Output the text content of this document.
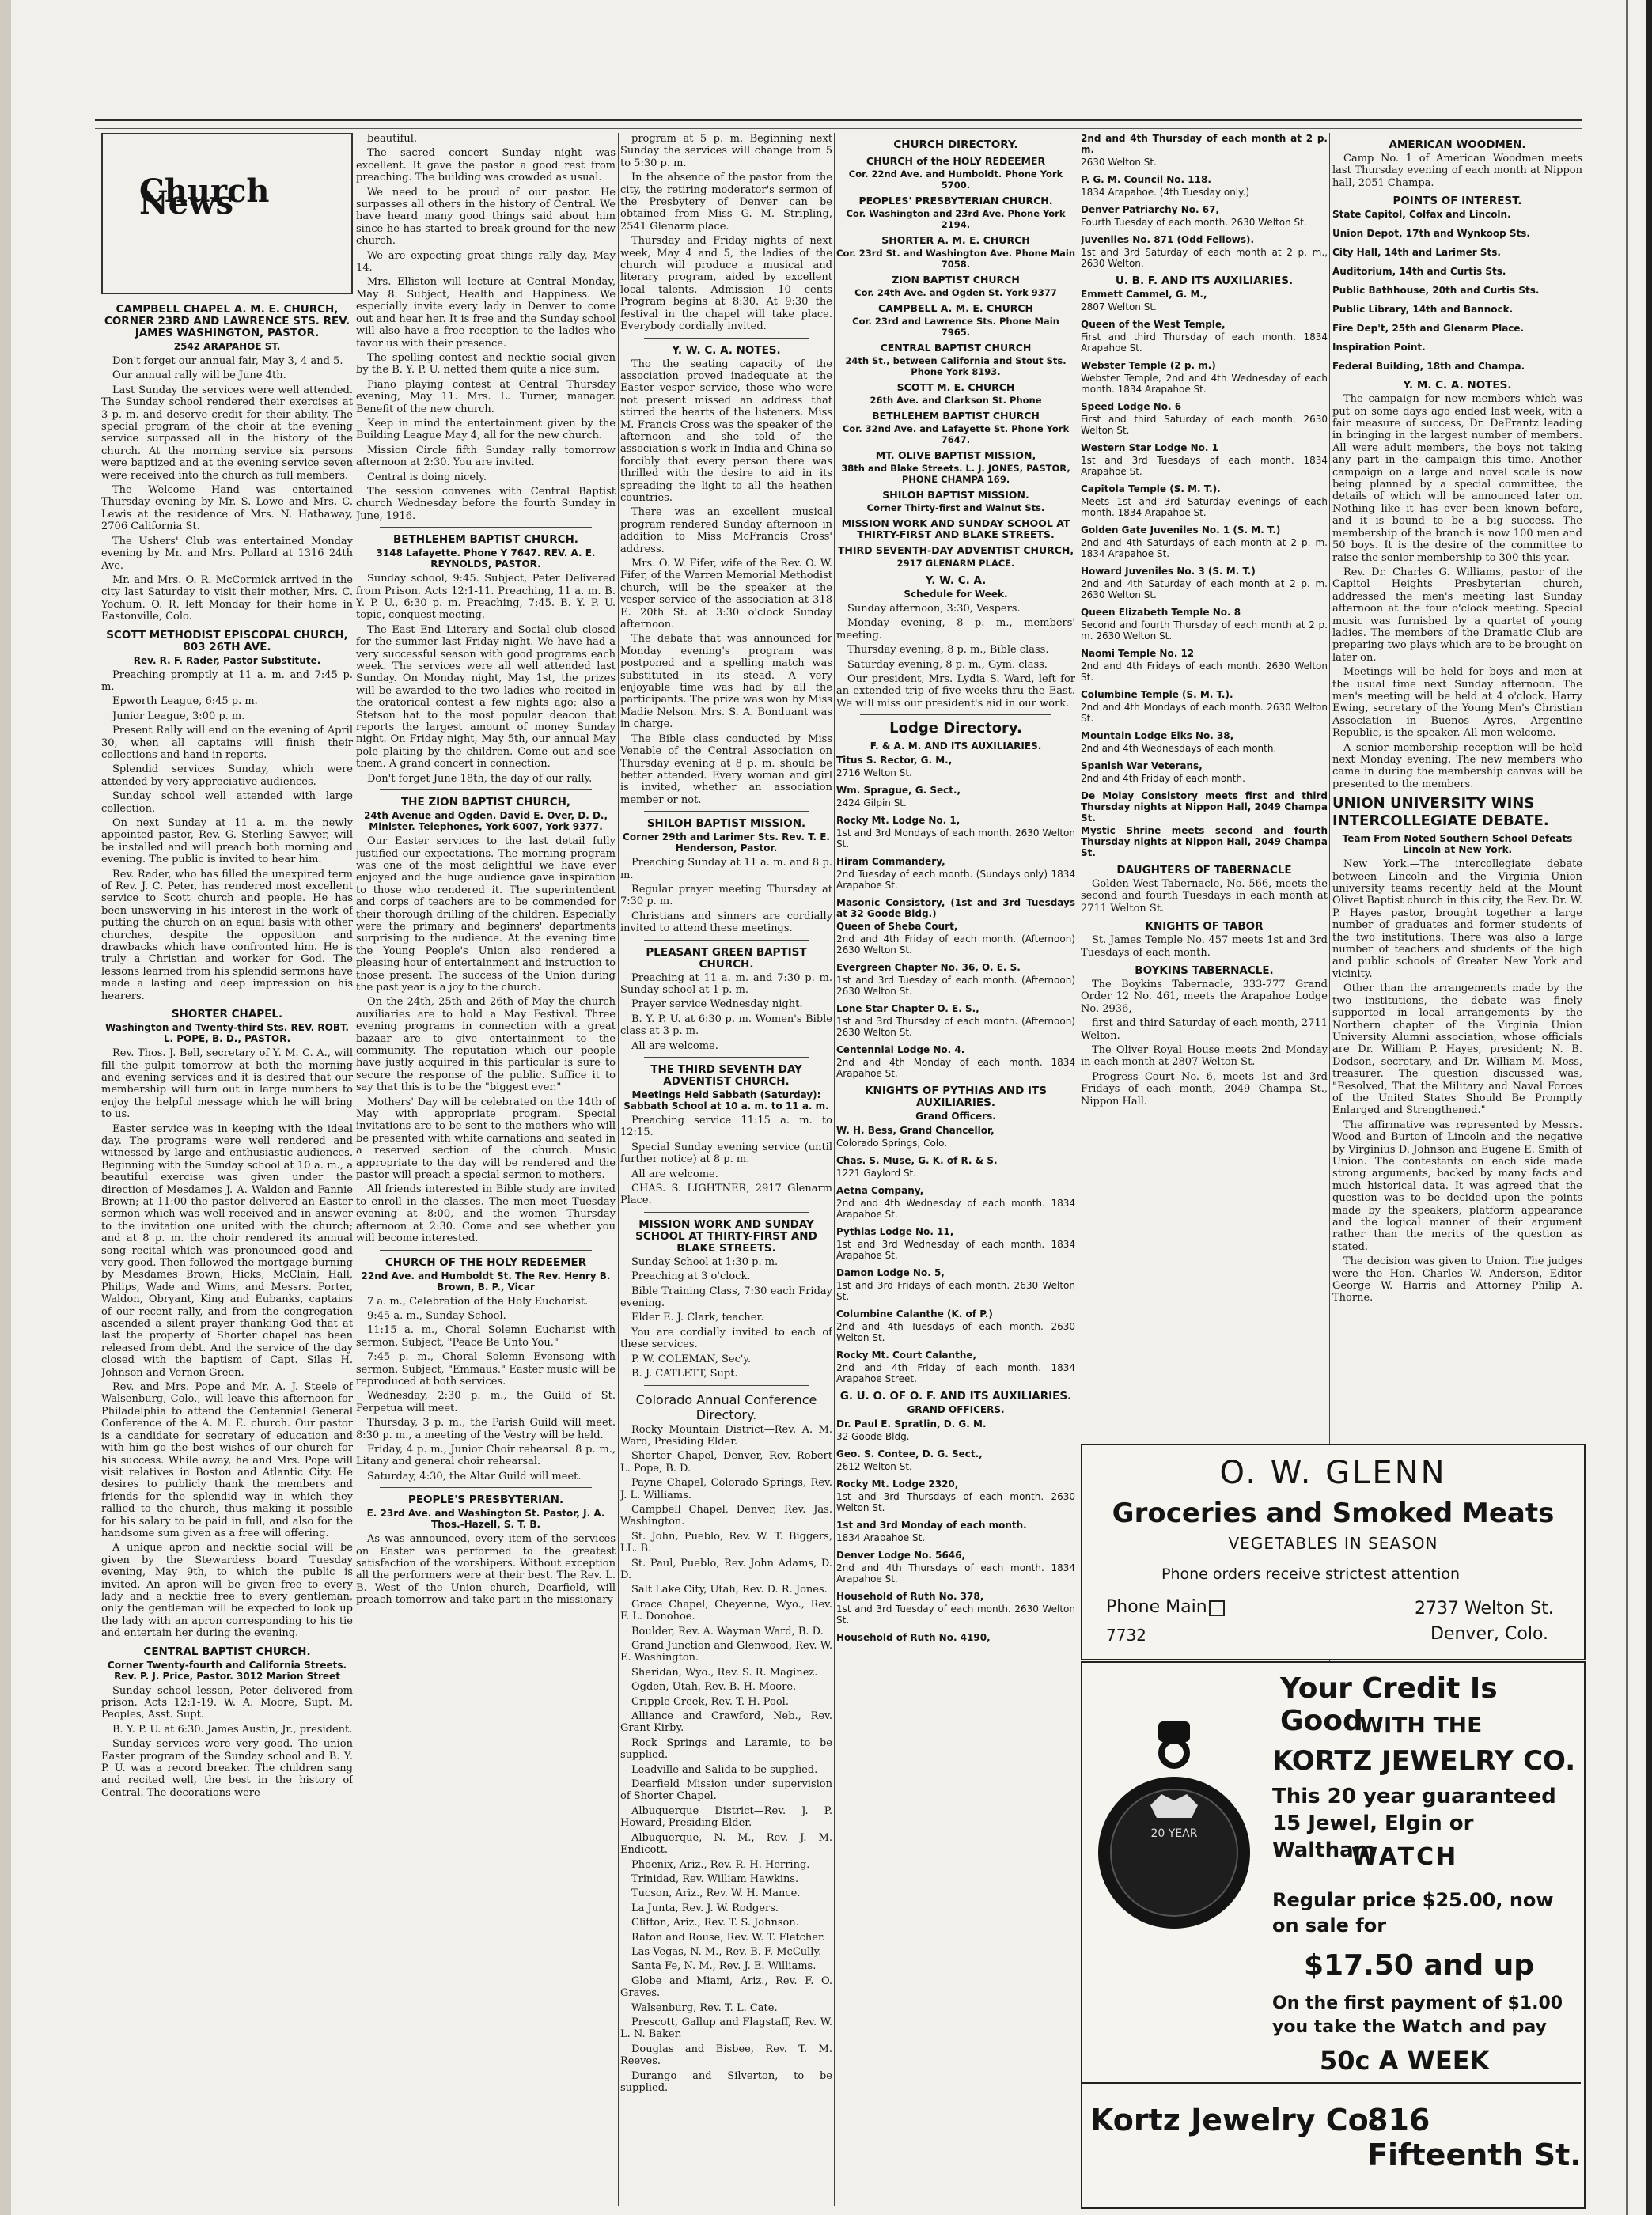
Church News
CAMPBELL CHAPEL A. M. E. CHURCH, CORNER 23RD AND LAWRENCE STS. REV. JAMES WASHINGTON, PASTOR.
2542 ARAPAHOE ST.

Don't forget our annual fair, May 3, 4 and 5.

Our annual rally will be June 4th.

Last Sunday the services were well attended. The Sunday school rendered their exercises at 3 p. m. and deserve credit for their ability. The special program of the choir at the evening service surpassed all in the history of the church. At the morning service six persons were baptized and at the evening service seven were received into the church as full members.

The Welcome Hand was entertained Thursday evening by Mr. S. Lowe and Mrs. C. Lewis at the residence of Mrs. N. Hathaway, 2706 California St.

The Ushers' Club was entertained Monday evening by Mr. and Mrs. Pollard at 1316 24th Ave.

Mr. and Mrs. O. R. McCormick arrived in the city last Saturday to visit their mother, Mrs. C. Yochum. O. R. left Monday for their home in Eastonville, Colo.

SCOTT METHODIST EPISCOPAL CHURCH, 803 26TH AVE.
Rev. R. F. Rader, Pastor Substitute.

Preaching promptly at 11 a. m. and 7:45 p. m.

Epworth League, 6:45 p. m.

Junior League, 3:00 p. m.

Present Rally will end on the evening of April 30, when all captains will finish their collections and hand in reports.

Splendid services Sunday, which were attended by very appreciative audiences.

Sunday school well attended with large collection.

On next Sunday at 11 a. m. the newly appointed pastor, Rev. G. Sterling Sawyer, will be installed and will preach both morning and evening. The public is invited to hear him.

Rev. Rader, who has filled the unexpired term of Rev. J. C. Peter, has rendered most excellent service to Scott church and people. He has been unswerving in his interest in the work of putting the church on an equal basis with other churches, despite the opposition and drawbacks which have confronted him. He is truly a Christian and worker for God. The lessons learned from his splendid sermons have made a lasting and deep impression on his hearers.

SHORTER CHAPEL.
Washington and Twenty-third Sts. REV. ROBT. L. POPE, B. D., PASTOR.

Rev. Thos. J. Bell, secretary of Y. M. C. A., will fill the pulpit tomorrow at both the morning and evening services and it is desired that our membership will turn out in large numbers to enjoy the helpful message which he will bring to us.

Easter service was in keeping with the ideal day. The programs were well rendered and witnessed by large and enthusiastic audiences. Beginning with the Sunday school at 10 a. m., a beautiful exercise was given under the direction of Mesdames J. A. Waldon and Fannie Brown; at 11:00 the pastor delivered an Easter sermon which was well received and in answer to the invitation one united with the church; and at 8 p. m. the choir rendered its annual song recital which was pronounced good and very good. Then followed the mortgage burning by Mesdames Brown, Hicks, McClain, Hall, Philips, Wade and Wims, and Messrs. Porter, Waldon, Obryant, King and Eubanks, captains of our recent rally, and from the congregation ascended a silent prayer thanking God that at last the property of Shorter chapel has been released from debt. And the service of the day closed with the baptism of Capt. Silas H. Johnson and Vernon Green.

Rev. and Mrs. Pope and Mr. A. J. Steele of Walsenburg, Colo., will leave this afternoon for Philadelphia to attend the Centennial General Conference of the A. M. E. church. Our pastor is a candidate for secretary of education and with him go the best wishes of our church for his success. While away, he and Mrs. Pope will visit relatives in Boston and Atlantic City. He desires to publicly thank the members and friends for the splendid way in which they rallied to the church, thus making it possible for his salary to be paid in full, and also for the handsome sum given as a free will offering.

A unique apron and necktie social will be given by the Stewardess board Tuesday evening, May 9th, to which the public is invited. An apron will be given free to every lady and a necktie free to every gentleman, only the gentleman will be expected to look up the lady with an apron corresponding to his tie and entertain her during the evening.

CENTRAL BAPTIST CHURCH.
Corner Twenty-fourth and California Streets. Rev. P. J. Price, Pastor. 3012 Marion Street

Sunday school lesson, Peter delivered from prison. Acts 12:1-19. W. A. Moore, Supt. M. Peoples, Asst. Supt.

B. Y. P. U. at 6:30. James Austin, Jr., president.

Sunday services were very good. The union Easter program of the Sunday school and B. Y. P. U. was a record breaker. The children sang and recited well, the best in the history of Central. The decorations were

beautiful.

The sacred concert Sunday night was excellent. It gave the pastor a good rest from preaching. The building was crowded as usual.

We need to be proud of our pastor. He surpasses all others in the history of Central. We have heard many good things said about him since he has started to break ground for the new church.

We are expecting great things rally day, May 14.

Mrs. Elliston will lecture at Central Monday, May 8. Subject, Health and Happiness. We especially invite every lady in Denver to come out and hear her. It is free and the Sunday school will also have a free reception to the ladies who favor us with their presence.

The spelling contest and necktie social given by the B. Y. P. U. netted them quite a nice sum.

Piano playing contest at Central Thursday evening, May 11. Mrs. L. Turner, manager. Benefit of the new church.

Keep in mind the entertainment given by the Building League May 4, all for the new church.

Mission Circle fifth Sunday rally tomorrow afternoon at 2:30. You are invited.

Central is doing nicely.

The session convenes with Central Baptist church Wednesday before the fourth Sunday in June, 1916.

BETHLEHEM BAPTIST CHURCH.
3148 Lafayette. Phone Y 7647. REV. A. E. REYNOLDS, PASTOR.

Sunday school, 9:45. Subject, Peter Delivered from Prison. Acts 12:1-11. Preaching, 11 a. m. B. Y. P. U., 6:30 p. m. Preaching, 7:45. B. Y. P. U. topic, conquest meeting.

The East End Literary and Social club closed for the summer last Friday night. We have had a very successful season with good programs each week. The services were all well attended last Sunday. On Monday night, May 1st, the prizes will be awarded to the two ladies who recited in the oratorical contest a few nights ago; also a Stetson hat to the most popular deacon that reports the largest amount of money Sunday night. On Friday night, May 5th, our annual May pole plaiting by the children. Come out and see them. A grand concert in connection.

Don't forget June 18th, the day of our rally.

THE ZION BAPTIST CHURCH,
24th Avenue and Ogden. David E. Over, D. D., Minister. Telephones, York 6007, York 9377.

Our Easter services to the last detail fully justified our expectations. The morning program was one of the most delightful we have ever enjoyed and the huge audience gave inspiration to those who rendered it. The superintendent and corps of teachers are to be commended for their thorough drilling of the children. Especially were the primary and beginners' departments surprising to the audience. At the evening time the Young People's Union also rendered a pleasing hour of entertainment and instruction to those present. The success of the Union during the past year is a joy to the church.

On the 24th, 25th and 26th of May the church auxiliaries are to hold a May Festival. Three evening programs in connection with a great bazaar are to give entertainment to the community. The reputation which our people have justly acquired in this particular is sure to secure the response of the public. Suffice it to say that this is to be the "biggest ever."

Mothers' Day will be celebrated on the 14th of May with appropriate program. Special invitations are to be sent to the mothers who will be presented with white carnations and seated in a reserved section of the church. Music appropriate to the day will be rendered and the pastor will preach a special sermon to mothers.

All friends interested in Bible study are invited to enroll in the classes. The men meet Tuesday evening at 8:00, and the women Thursday afternoon at 2:30. Come and see whether you will become interested.

CHURCH OF THE HOLY REDEEMER
22nd Ave. and Humboldt St. The Rev. Henry B. Brown, B. P., Vicar

7 a. m., Celebration of the Holy Eucharist.

9:45 a. m., Sunday School.

11:15 a. m., Choral Solemn Eucharist with sermon. Subject, "Peace Be Unto You."

7:45 p. m., Choral Solemn Evensong with sermon. Subject, "Emmaus." Easter music will be reproduced at both services.

Wednesday, 2:30 p. m., the Guild of St. Perpetua will meet.

Thursday, 3 p. m., the Parish Guild will meet. 8:30 p. m., a meeting of the Vestry will be held.

Friday, 4 p. m., Junior Choir rehearsal. 8 p. m., Litany and general choir rehearsal.

Saturday, 4:30, the Altar Guild will meet.

PEOPLE'S PRESBYTERIAN.
E. 23rd Ave. and Washington St. Pastor, J. A. Thos.-Hazell, S. T. B.

As was announced, every item of the services on Easter was performed to the greatest satisfaction of the worshipers. Without exception all the performers were at their best. The Rev. L. B. West of the Union church, Dearfield, will preach tomorrow and take part in the missionary

program at 5 p. m. Beginning next Sunday the services will change from 5 to 5:30 p. m.

In the absence of the pastor from the city, the retiring moderator's sermon of the Presbytery of Denver can be obtained from Miss G. M. Stripling, 2541 Glenarm place.

Thursday and Friday nights of next week, May 4 and 5, the ladies of the church will produce a musical and literary program, aided by excellent local talents. Admission 10 cents Program begins at 8:30. At 9:30 the festival in the chapel will take place. Everybody cordially invited.

Y. W. C. A. NOTES.

Tho the seating capacity of the association proved inadequate at the Easter vesper service, those who were not present missed an address that stirred the hearts of the listeners. Miss M. Francis Cross was the speaker of the afternoon and she told of the association's work in India and China so forcibly that every person there was thrilled with the desire to aid in its spreading the light to all the heathen countries.

There was an excellent musical program rendered Sunday afternoon in addition to Miss McFrancis Cross' address.

Mrs. O. W. Fifer, wife of the Rev. O. W. Fifer, of the Warren Memorial Methodist church, will be the speaker at the vesper service of the association at 318 E. 20th St. at 3:30 o'clock Sunday afternoon.

The debate that was announced for Monday evening's program was postponed and a spelling match was substituted in its stead. A very enjoyable time was had by all the participants. The prize was won by Miss Madie Nelson. Mrs. S. A. Bonduant was in charge.

The Bible class conducted by Miss Venable of the Central Association on Thursday evening at 8 p. m. should be better attended. Every woman and girl is invited, whether an association member or not.

SHILOH BAPTIST MISSION.
Corner 29th and Larimer Sts. Rev. T. E. Henderson, Pastor.

Preaching Sunday at 11 a. m. and 8 p. m.

Regular prayer meeting Thursday at 7:30 p. m.

Christians and sinners are cordially invited to attend these meetings.

PLEASANT GREEN BAPTIST CHURCH.

Preaching at 11 a. m. and 7:30 p. m. Sunday school at 1 p. m.

Prayer service Wednesday night.

B. Y. P. U. at 6:30 p. m. Women's Bible class at 3 p. m.

All are welcome.

THE THIRD SEVENTH DAY ADVENTIST CHURCH.
Meetings Held Sabbath (Saturday): Sabbath School at 10 a. m. to 11 a. m.

Preaching service 11:15 a. m. to 12:15.

Special Sunday evening service (until further notice) at 8 p. m.

All are welcome.

CHAS. S. LIGHTNER, 2917 Glenarm Place.

MISSION WORK AND SUNDAY SCHOOL AT THIRTY-FIRST AND BLAKE STREETS.

Sunday School at 1:30 p. m.

Preaching at 3 o'clock.

Bible Training Class, 7:30 each Friday evening.

Elder E. J. Clark, teacher.

You are cordially invited to each of these services.

P. W. COLEMAN, Sec'y.

B. J. CATLETT, Supt.

Colorado Annual Conference Directory.

Rocky Mountain District—Rev. A. M. Ward, Presiding Elder.

Shorter Chapel, Denver, Rev. Robert L. Pope, B. D.

Payne Chapel, Colorado Springs, Rev. J. L. Williams.

Campbell Chapel, Denver, Rev. Jas. Washington.

St. John, Pueblo, Rev. W. T. Biggers, LL. B.

St. Paul, Pueblo, Rev. John Adams, D. D.

Salt Lake City, Utah, Rev. D. R. Jones.

Grace Chapel, Cheyenne, Wyo., Rev. F. L. Donohoe.

Boulder, Rev. A. Wayman Ward, B. D.

Grand Junction and Glenwood, Rev. W. E. Washington.

Sheridan, Wyo., Rev. S. R. Maginez.

Ogden, Utah, Rev. B. H. Moore.

Cripple Creek, Rev. T. H. Pool.

Alliance and Crawford, Neb., Rev. Grant Kirby.

Rock Springs and Laramie, to be supplied.

Leadville and Salida to be supplied.

Dearfield Mission under supervision of Shorter Chapel.

Albuquerque District—Rev. J. P. Howard, Presiding Elder.

Albuquerque, N. M., Rev. J. M. Endicott.

Phoenix, Ariz., Rev. R. H. Herring.

Trinidad, Rev. William Hawkins.

Tucson, Ariz., Rev. W. H. Mance.

La Junta, Rev. J. W. Rodgers.

Clifton, Ariz., Rev. T. S. Johnson.

Raton and Rouse, Rev. W. T. Fletcher.

Las Vegas, N. M., Rev. B. F. McCully.

Santa Fe, N. M., Rev. J. E. Williams.

Globe and Miami, Ariz., Rev. F. O. Graves.

Walsenburg, Rev. T. L. Cate.

Prescott, Gallup and Flagstaff, Rev. W. L. N. Baker.

Douglas and Bisbee, Rev. T. M. Reeves.

Durango and Silverton, to be supplied.

CHURCH DIRECTORY.
CHURCH of the HOLY REDEEMER
Cor. 22nd Ave. and Humboldt. Phone York 5700.
PEOPLES' PRESBYTERIAN CHURCH.
Cor. Washington and 23rd Ave. Phone York 2194.
SHORTER A. M. E. CHURCH
Cor. 23rd St. and Washington Ave. Phone Main 7058.
ZION BAPTIST CHURCH
Cor. 24th Ave. and Ogden St. York 9377
CAMPBELL A. M. E. CHURCH
Cor. 23rd and Lawrence Sts. Phone Main 7965.
CENTRAL BAPTIST CHURCH
24th St., between California and Stout Sts. Phone York 8193.
SCOTT M. E. CHURCH
26th Ave. and Clarkson St. Phone
BETHLEHEM BAPTIST CHURCH
Cor. 32nd Ave. and Lafayette St. Phone York 7647.
MT. OLIVE BAPTIST MISSION,
38th and Blake Streets. L. J. JONES, PASTOR, PHONE CHAMPA 169.
SHILOH BAPTIST MISSION.
Corner Thirty-first and Walnut Sts.
MISSION WORK AND SUNDAY SCHOOL AT THIRTY-FIRST AND BLAKE STREETS.
THIRD SEVENTH-DAY ADVENTIST CHURCH,
2917 GLENARM PLACE.
Y. W. C. A.
Schedule for Week.

Sunday afternoon, 3:30, Vespers.

Monday evening, 8 p. m., members' meeting.

Thursday evening, 8 p. m., Bible class.

Saturday evening, 8 p. m., Gym. class.

Our president, Mrs. Lydia S. Ward, left for an extended trip of five weeks thru the East. We will miss our president's aid in our work.

Lodge Directory.
F. & A. M. AND ITS AUXILIARIES.
Titus S. Rector, G. M.,
2716 Welton St.
Wm. Sprague, G. Sect.,
2424 Gilpin St.
Rocky Mt. Lodge No. 1,
1st and 3rd Mondays of each month. 2630 Welton St.
Hiram Commandery,
2nd Tuesday of each month. (Sundays only) 1834 Arapahoe St.
Masonic Consistory, (1st and 3rd Tuesdays at 32 Goode Bldg.)
Queen of Sheba Court,
2nd and 4th Friday of each month. (Afternoon) 2630 Welton St.
Evergreen Chapter No. 36, O. E. S.
1st and 3rd Tuesday of each month. (Afternoon) 2630 Welton St.
Lone Star Chapter O. E. S.,
1st and 3rd Thursday of each month. (Afternoon) 2630 Welton St.
Centennial Lodge No. 4.
2nd and 4th Monday of each month. 1834 Arapahoe St.
KNIGHTS OF PYTHIAS AND ITS AUXILIARIES.
Grand Officers.
W. H. Bess, Grand Chancellor,
Colorado Springs, Colo.
Chas. S. Muse, G. K. of R. & S.
1221 Gaylord St.
Aetna Company,
2nd and 4th Wednesday of each month. 1834 Arapahoe St.
Pythias Lodge No. 11,
1st and 3rd Wednesday of each month. 1834 Arapahoe St.
Damon Lodge No. 5,
1st and 3rd Fridays of each month. 2630 Welton St.
Columbine Calanthe (K. of P.)
2nd and 4th Tuesdays of each month. 2630 Welton St.
Rocky Mt. Court Calanthe,
2nd and 4th Friday of each month. 1834 Arapahoe Street.
G. U. O. OF O. F. AND ITS AUXILIARIES.
GRAND OFFICERS.
Dr. Paul E. Spratlin, D. G. M.
32 Goode Bldg.
Geo. S. Contee, D. G. Sect.,
2612 Welton St.
Rocky Mt. Lodge 2320,
1st and 3rd Thursdays of each month. 2630 Welton St.
1st and 3rd Monday of each month.
1834 Arapahoe St.
Denver Lodge No. 5646,
2nd and 4th Thursdays of each month. 1834 Arapahoe St.
Household of Ruth No. 378,
1st and 3rd Tuesday of each month. 2630 Welton St.
Household of Ruth No. 4190,
2nd and 4th Thursday of each month at 2 p. m.
2630 Welton St.
P. G. M. Council No. 118.
1834 Arapahoe. (4th Tuesday only.)
Denver Patriarchy No. 67,
Fourth Tuesday of each month. 2630 Welton St.
Juveniles No. 871 (Odd Fellows).
1st and 3rd Saturday of each month at 2 p. m., 2630 Welton.
U. B. F. AND ITS AUXILIARIES.
Emmett Cammel, G. M.,
2807 Welton St.
Queen of the West Temple,
First and third Thursday of each month. 1834 Arapahoe St.
Webster Temple (2 p. m.)
Webster Temple, 2nd and 4th Wednesday of each month. 1834 Arapahoe St.
Speed Lodge No. 6
First and third Saturday of each month. 2630 Welton St.
Western Star Lodge No. 1
1st and 3rd Tuesdays of each month. 1834 Arapahoe St.
Capitola Temple (S. M. T.).
Meets 1st and 3rd Saturday evenings of each month. 1834 Arapahoe St.
Golden Gate Juveniles No. 1 (S. M. T.)
2nd and 4th Saturdays of each month at 2 p. m. 1834 Arapahoe St.
Howard Juveniles No. 3 (S. M. T.)
2nd and 4th Saturday of each month at 2 p. m. 2630 Welton St.
Queen Elizabeth Temple No. 8
Second and fourth Thursday of each month at 2 p. m. 2630 Welton St.
Naomi Temple No. 12
2nd and 4th Fridays of each month. 2630 Welton St.
Columbine Temple (S. M. T.).
2nd and 4th Mondays of each month. 2630 Welton St.
Mountain Lodge Elks No. 38,
2nd and 4th Wednesdays of each month.
Spanish War Veterans,
2nd and 4th Friday of each month.
De Molay Consistory meets first and third Thursday nights at Nippon Hall, 2049 Champa St.
Mystic Shrine meets second and fourth Thursday nights at Nippon Hall, 2049 Champa St.
DAUGHTERS OF TABERNACLE

Golden West Tabernacle, No. 566, meets the second and fourth Tuesdays in each month at 2711 Welton St.

KNIGHTS OF TABOR

St. James Temple No. 457 meets 1st and 3rd Tuesdays of each month.

BOYKINS TABERNACLE.

The Boykins Tabernacle, 333-777 Grand Order 12 No. 461, meets the Arapahoe Lodge No. 2936,

first and third Saturday of each month, 2711 Welton.

The Oliver Royal House meets 2nd Monday in each month at 2807 Welton St.

Progress Court No. 6, meets 1st and 3rd Fridays of each month, 2049 Champa St., Nippon Hall.

AMERICAN WOODMEN.

Camp No. 1 of American Woodmen meets last Thursday evening of each month at Nippon hall, 2051 Champa.

POINTS OF INTEREST.
State Capitol, Colfax and Lincoln.
Union Depot, 17th and Wynkoop Sts.
City Hall, 14th and Larimer Sts.
Auditorium, 14th and Curtis Sts.
Public Bathhouse, 20th and Curtis Sts.
Public Library, 14th and Bannock.
Fire Dep't, 25th and Glenarm Place.
Inspiration Point.
Federal Building, 18th and Champa.
Y. M. C. A. NOTES.

The campaign for new members which was put on some days ago ended last week, with a fair measure of success, Dr. DeFrantz leading in bringing in the largest number of members. All were adult members, the boys not taking any part in the campaign this time. Another campaign on a large and novel scale is now being planned by a special committee, the details of which will be announced later on. Nothing like it has ever been known before, and it is bound to be a big success. The membership of the branch is now 100 men and 50 boys. It is the desire of the committee to raise the senior membership to 300 this year.

Rev. Dr. Charles G. Williams, pastor of the Capitol Heights Presbyterian church, addressed the men's meeting last Sunday afternoon at the four o'clock meeting. Special music was furnished by a quartet of young ladies. The members of the Dramatic Club are preparing two plays which are to be brought on later on.

Meetings will be held for boys and men at the usual time next Sunday afternoon. The men's meeting will be held at 4 o'clock. Harry Ewing, secretary of the Young Men's Christian Association in Buenos Ayres, Argentine Republic, is the speaker. All men welcome.

A senior membership reception will be held next Monday evening. The new members who came in during the membership canvas will be presented to the members.

UNION UNIVERSITY WINS INTERCOLLEGIATE DEBATE.
Team From Noted Southern School Defeats Lincoln at New York.

New York.—The intercollegiate debate between Lincoln and the Virginia Union university teams recently held at the Mount Olivet Baptist church in this city, the Rev. Dr. W. P. Hayes pastor, brought together a large number of graduates and former students of the two institutions. There was also a large number of teachers and students of the high and public schools of Greater New York and vicinity.

Other than the arrangements made by the two institutions, the debate was finely supported in local arrangements by the Northern chapter of the Virginia Union University Alumni association, whose officials are Dr. William P. Hayes, president; N. B. Dodson, secretary, and Dr. William M. Moss, treasurer. The question discussed was, "Resolved, That the Military and Naval Forces of the United States Should Be Promptly Enlarged and Strengthened."

The affirmative was represented by Messrs. Wood and Burton of Lincoln and the negative by Virginius D. Johnson and Eugene E. Smith of Union. The contestants on each side made strong arguments, backed by many facts and much historical data. It was agreed that the question was to be decided upon the points made by the speakers, platform appearance and the logical manner of their argument rather than the merits of the question as stated.

The decision was given to Union. The judges were the Hon. Charles W. Anderson, Editor George W. Harris and Attorney Philip A. Thorne.

O. W. GLENN
Groceries and Smoked Meats
VEGETABLES IN SEASON
Phone orders receive strictest attention
Phone Main
7732
2737 Welton St.
Denver, Colo.
20 YEAR
Your Credit Is Good
WITH THE
KORTZ JEWELRY CO.
This 20 year guaranteed 15 Jewel, Elgin or Waltham
WATCH
Regular price $25.00, now on sale for
$17.50 and up
On the first payment of $1.00 you take the Watch and pay
50c A WEEK
Kortz Jewelry Co.
816 Fifteenth St.
